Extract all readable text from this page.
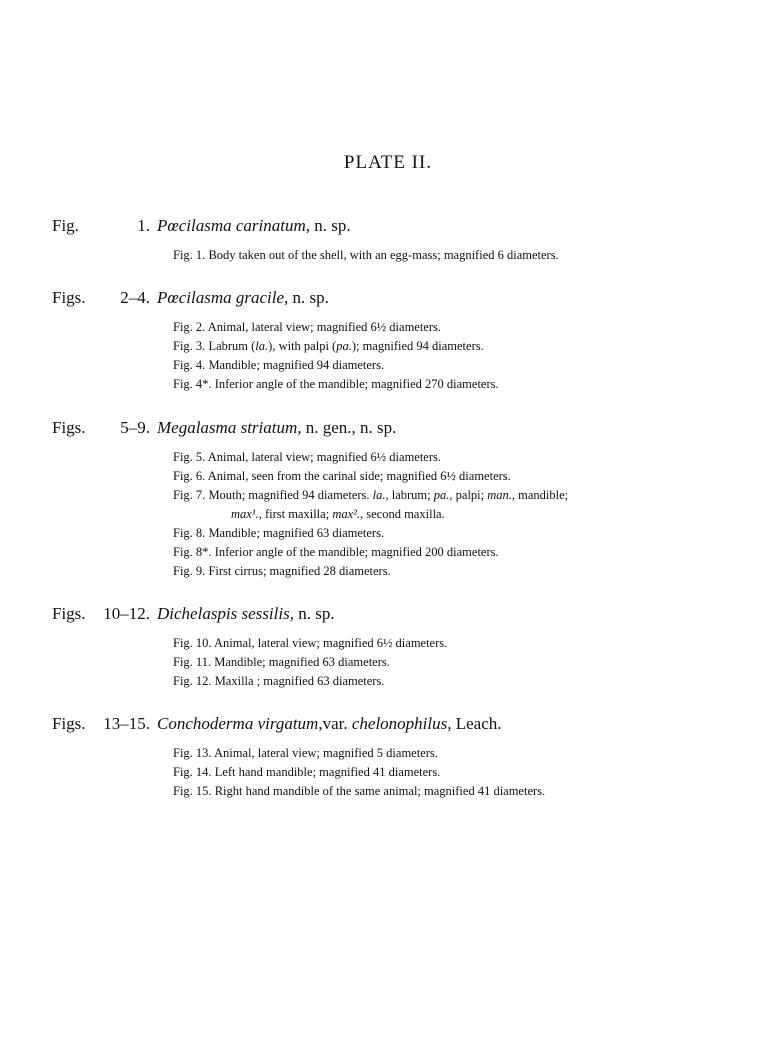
PLATE II.
Fig.	1. Pœcilasma carinatum, n. sp.
Fig. 1. Body taken out of the shell, with an egg-mass; magnified 6 diameters.
Figs. 2–4. Pœcilasma gracile, n. sp.
Fig. 2. Animal, lateral view; magnified 6½ diameters.
Fig. 3. Labrum (la.), with palpi (pa.); magnified 94 diameters.
Fig. 4. Mandible; magnified 94 diameters.
Fig. 4*. Inferior angle of the mandible; magnified 270 diameters.
Figs. 5–9. Megalasma striatum, n. gen., n. sp.
Fig. 5. Animal, lateral view; magnified 6½ diameters.
Fig. 6. Animal, seen from the carinal side; magnified 6½ diameters.
Fig. 7. Mouth; magnified 94 diameters. la., labrum; pa., palpi; man., mandible;
max¹., first maxilla; max²., second maxilla.
Fig. 8. Mandible; magnified 63 diameters.
Fig. 8*. Inferior angle of the mandible; magnified 200 diameters.
Fig. 9. First cirrus; magnified 28 diameters.
Figs. 10–12. Dichelaspis sessilis, n. sp.
Fig. 10. Animal, lateral view; magnified 6½ diameters.
Fig. 11. Mandible; magnified 63 diameters.
Fig. 12. Maxilla ; magnified 63 diameters.
Figs. 13–15. Conchoderma virgatum,var. chelonophilus, Leach.
Fig. 13. Animal, lateral view; magnified 5 diameters.
Fig. 14. Left hand mandible; magnified 41 diameters.
Fig. 15. Right hand mandible of the same animal; magnified 41 diameters.
